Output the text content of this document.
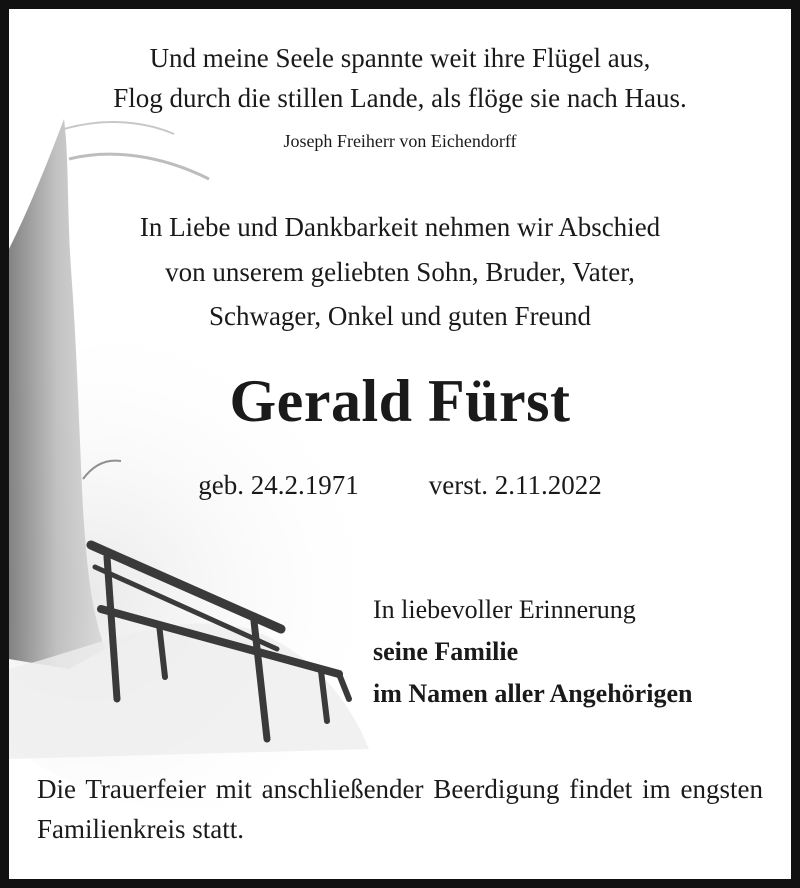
Und meine Seele spannte weit ihre Flügel aus,
Flog durch die stillen Lande, als flöge sie nach Haus.
Joseph Freiherr von Eichendorff
In Liebe und Dankbarkeit nehmen wir Abschied
von unserem geliebten Sohn, Bruder, Vater,
Schwager, Onkel und guten Freund
Gerald Fürst
geb. 24.2.1971	verst. 2.11.2022
In liebevoller Erinnerung
seine Familie
im Namen aller Angehörigen
Die Trauerfeier mit anschließender Beerdigung findet im engsten Familienkreis statt.
